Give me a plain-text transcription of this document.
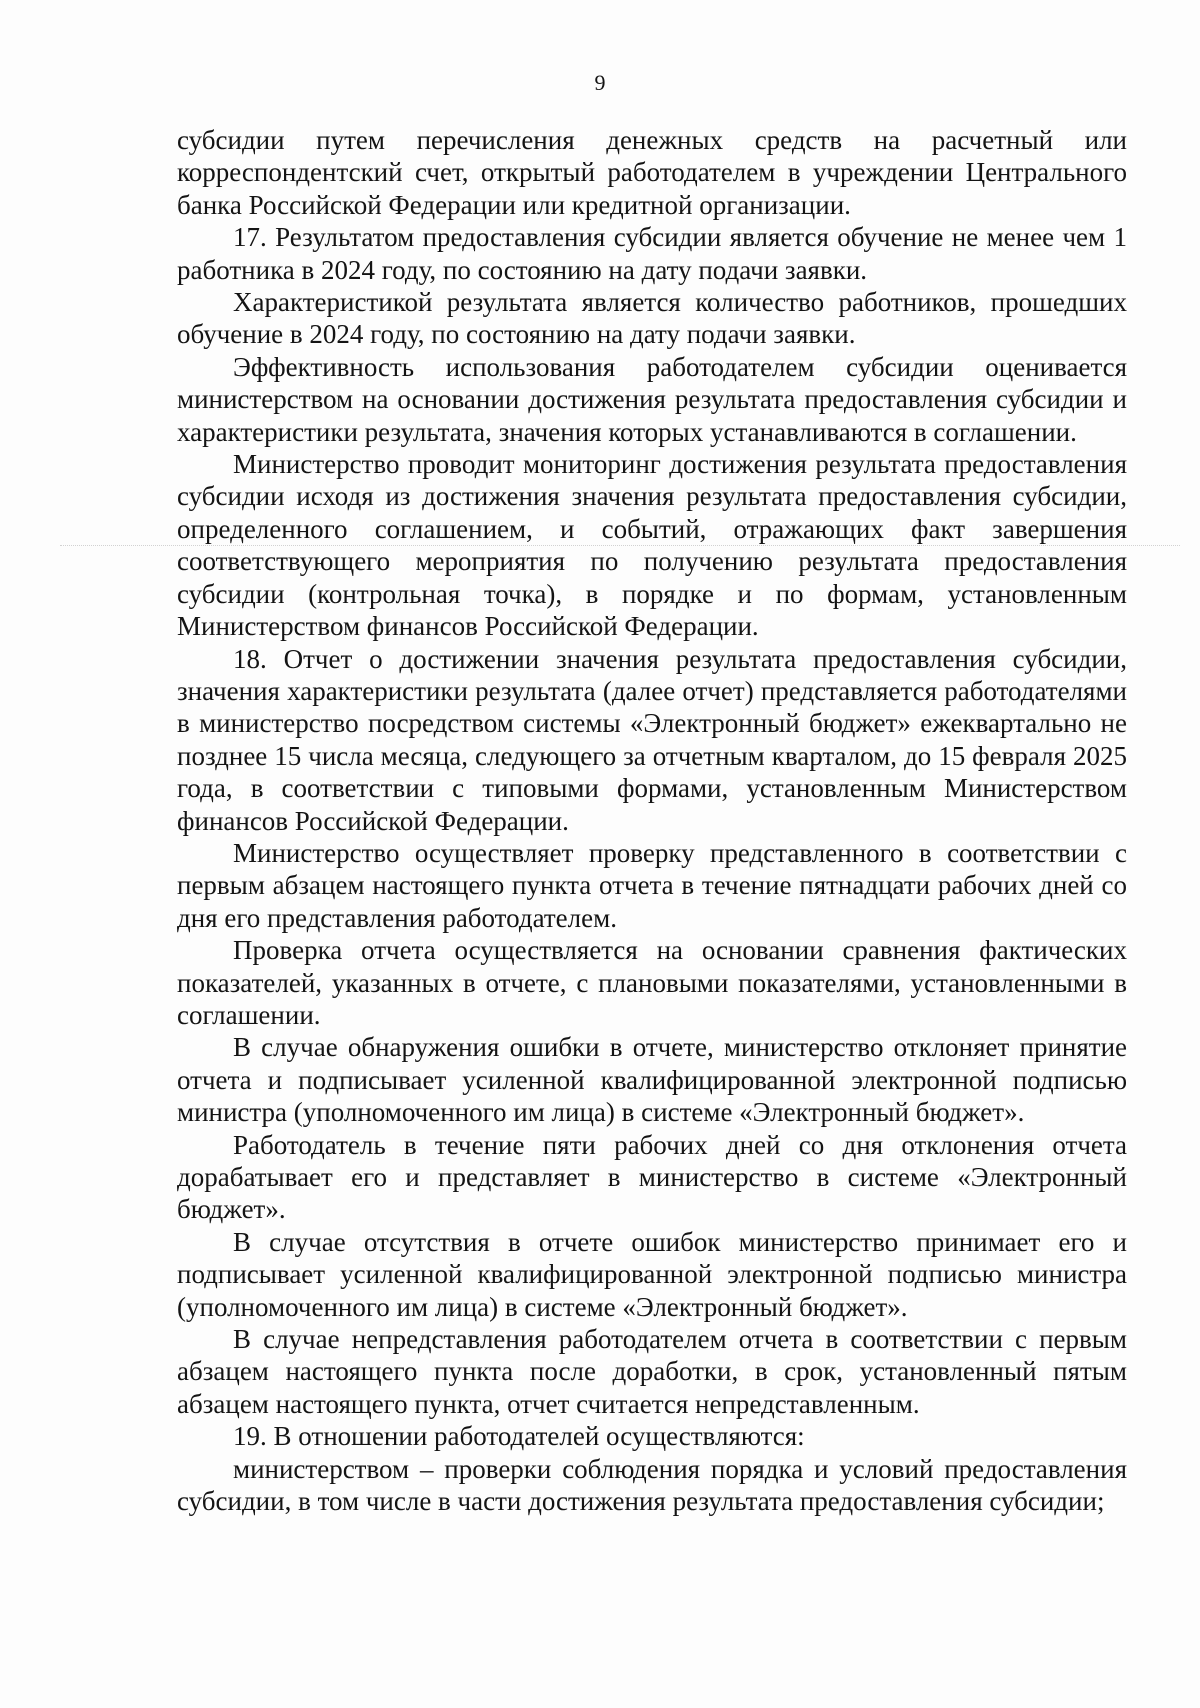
9

субсидии путем перечисления денежных средств на расчетный или корреспондентский счет, открытый работодателем в учреждении Центрального банка Российской Федерации или кредитной организации.

17. Результатом предоставления субсидии является обучение не менее чем 1 работника в 2024 году, по состоянию на дату подачи заявки.

Характеристикой результата является количество работников, прошедших обучение в 2024 году, по состоянию на дату подачи заявки.

Эффективность использования работодателем субсидии оценивается министерством на основании достижения результата предоставления субсидии и характеристики результата, значения которых устанавливаются в соглашении.

Министерство проводит мониторинг достижения результата предоставления субсидии исходя из достижения значения результата предоставления субсидии, определенного соглашением, и событий, отражающих факт завершения соответствующего мероприятия по получению результата предоставления субсидии (контрольная точка), в порядке и по формам, установленным Министерством финансов Российской Федерации.

18. Отчет о достижении значения результата предоставления субсидии, значения характеристики результата (далее отчет) представляется работодателями в министерство посредством системы «Электронный бюджет» ежеквартально не позднее 15 числа месяца, следующего за отчетным кварталом, до 15 февраля 2025 года, в соответствии с типовыми формами, установленным Министерством финансов Российской Федерации.

Министерство осуществляет проверку представленного в соответствии с первым абзацем настоящего пункта отчета в течение пятнадцати рабочих дней со дня его представления работодателем.

Проверка отчета осуществляется на основании сравнения фактических показателей, указанных в отчете, с плановыми показателями, установленными в соглашении.

В случае обнаружения ошибки в отчете, министерство отклоняет принятие отчета и подписывает усиленной квалифицированной электронной подписью министра (уполномоченного им лица) в системе «Электронный бюджет».

Работодатель в течение пяти рабочих дней со дня отклонения отчета дорабатывает его и представляет в министерство в системе «Электронный бюджет».

В случае отсутствия в отчете ошибок министерство принимает его и подписывает усиленной квалифицированной электронной подписью министра (уполномоченного им лица) в системе «Электронный бюджет».

В случае непредставления работодателем отчета в соответствии с первым абзацем настоящего пункта после доработки, в срок, установленный пятым абзацем настоящего пункта, отчет считается непредставленным.

19. В отношении работодателей осуществляются:

министерством – проверки соблюдения порядка и условий предоставления субсидии, в том числе в части достижения результата предоставления субсидии;
